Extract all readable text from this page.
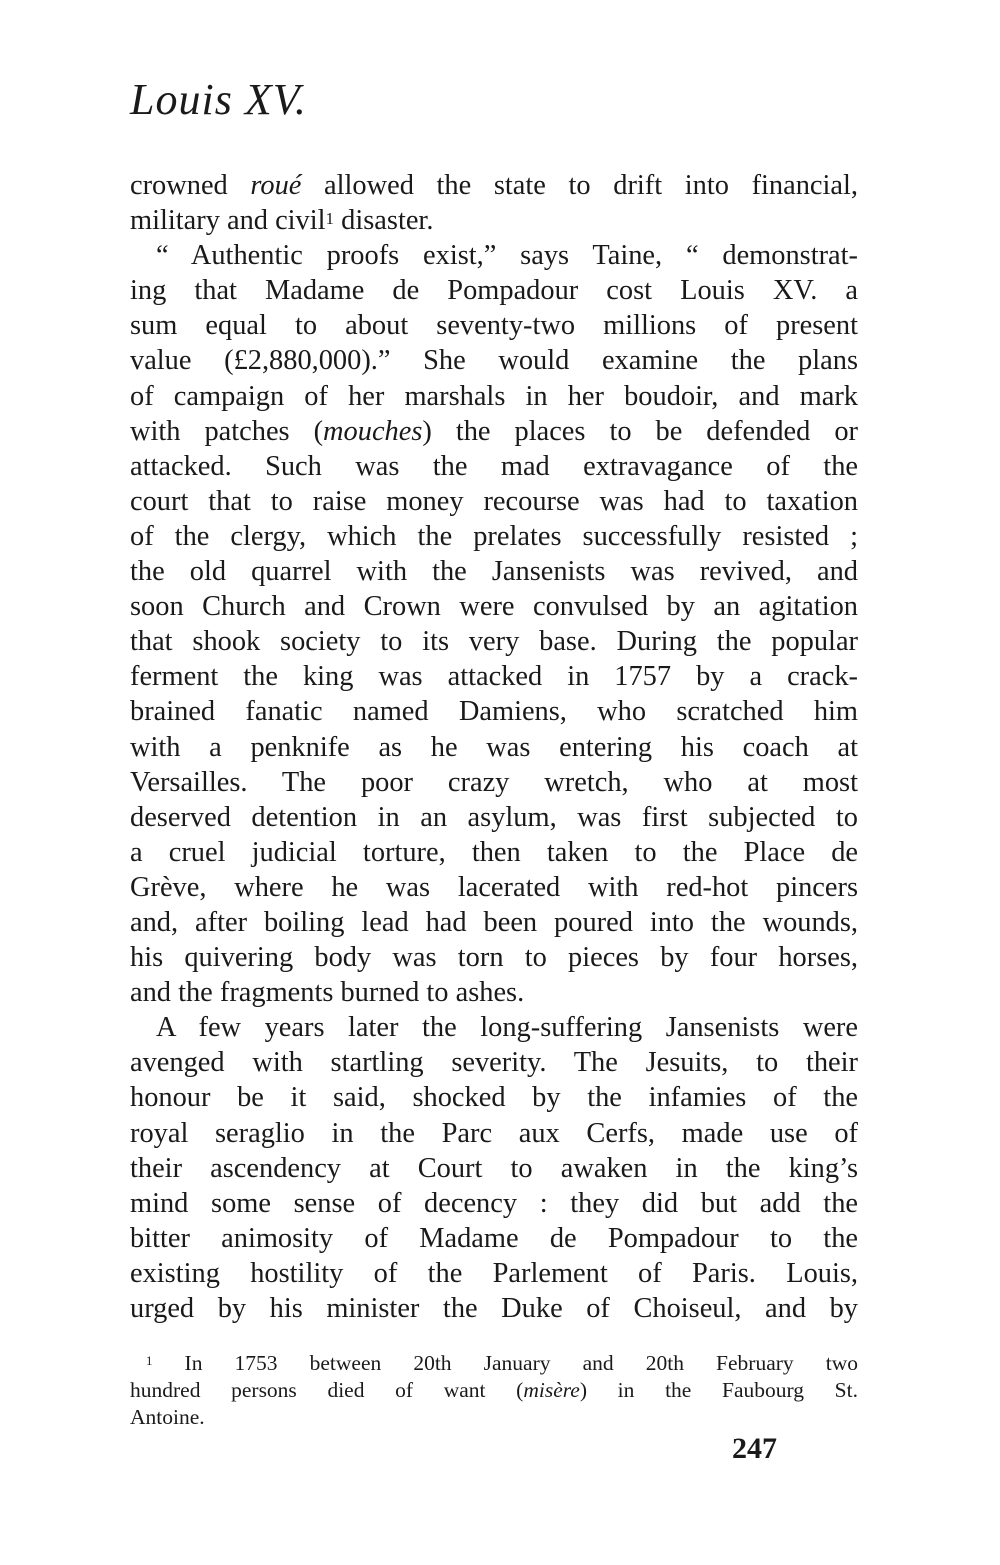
Louis XV.
crowned roué allowed the state to drift into financial,
military and civil$^1$ disaster.
“ Authentic proofs exist,” says Taine, “ demonstrat-
ing that Madame de Pompadour cost Louis XV. a
sum equal to about seventy-two millions of present
value (£2,880,000).” She would examine the plans
of campaign of her marshals in her boudoir, and mark
with patches (mouches) the places to be defended or
attacked. Such was the mad extravagance of the
court that to raise money recourse was had to taxation
of the clergy, which the prelates successfully resisted ;
the old quarrel with the Jansenists was revived, and
soon Church and Crown were convulsed by an agitation
that shook society to its very base. During the popular
ferment the king was attacked in 1757 by a crack-
brained fanatic named Damiens, who scratched him
with a penknife as he was entering his coach at
Versailles. The poor crazy wretch, who at most
deserved detention in an asylum, was first subjected to
a cruel judicial torture, then taken to the Place de
Grève, where he was lacerated with red-hot pincers
and, after boiling lead had been poured into the wounds,
his quivering body was torn to pieces by four horses,
and the fragments burned to ashes.
A few years later the long-suffering Jansenists were
avenged with startling severity. The Jesuits, to their
honour be it said, shocked by the infamies of the
royal seraglio in the Parc aux Cerfs, made use of
their ascendency at Court to awaken in the king’s
mind some sense of decency : they did but add the
bitter animosity of Madame de Pompadour to the
existing hostility of the Parlement of Paris. Louis,
urged by his minister the Duke of Choiseul, and by
$^1$ In 1753 between 20th January and 20th February two
hundred persons died of want (misère) in the Faubourg St.
Antoine.
247
